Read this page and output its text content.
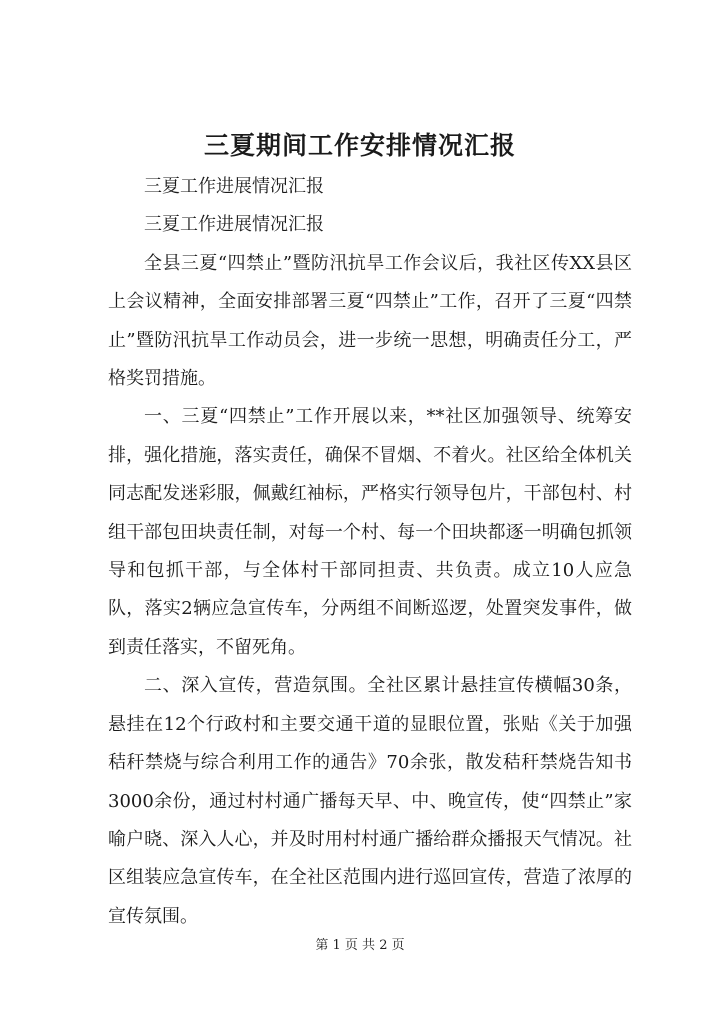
三夏期间工作安排情况汇报

三夏工作进展情况汇报

三夏工作进展情况汇报

全县三夏“四禁止”暨防汛抗旱工作会议后，我社区传XX县区上会议精神，全面安排部署三夏“四禁止”工作，召开了三夏“四禁止”暨防汛抗旱工作动员会，进一步统一思想，明确责任分工，严格奖罚措施。

一、三夏“四禁止”工作开展以来，**社区加强领导、统筹安排，强化措施，落实责任，确保不冒烟、不着火。社区给全体机关同志配发迷彩服，佩戴红袖标，严格实行领导包片，干部包村、村组干部包田块责任制，对每一个村、每一个田块都逐一明确包抓领导和包抓干部，与全体村干部同担责、共负责。成立10人应急队，落实2辆应急宣传车，分两组不间断巡逻，处置突发事件，做到责任落实，不留死角。

二、深入宣传，营造氛围。全社区累计悬挂宣传横幅30条，悬挂在12个行政村和主要交通干道的显眼位置，张贴《关于加强秸秆禁烧与综合利用工作的通告》70余张，散发秸秆禁烧告知书3000余份，通过村村通广播每天早、中、晚宣传，使“四禁止”家喻户晓、深入人心，并及时用村村通广播给群众播报天气情况。社区组装应急宣传车，在全社区范围内进行巡回宣传，营造了浓厚的宣传氛围。

第 1 页 共 2 页
